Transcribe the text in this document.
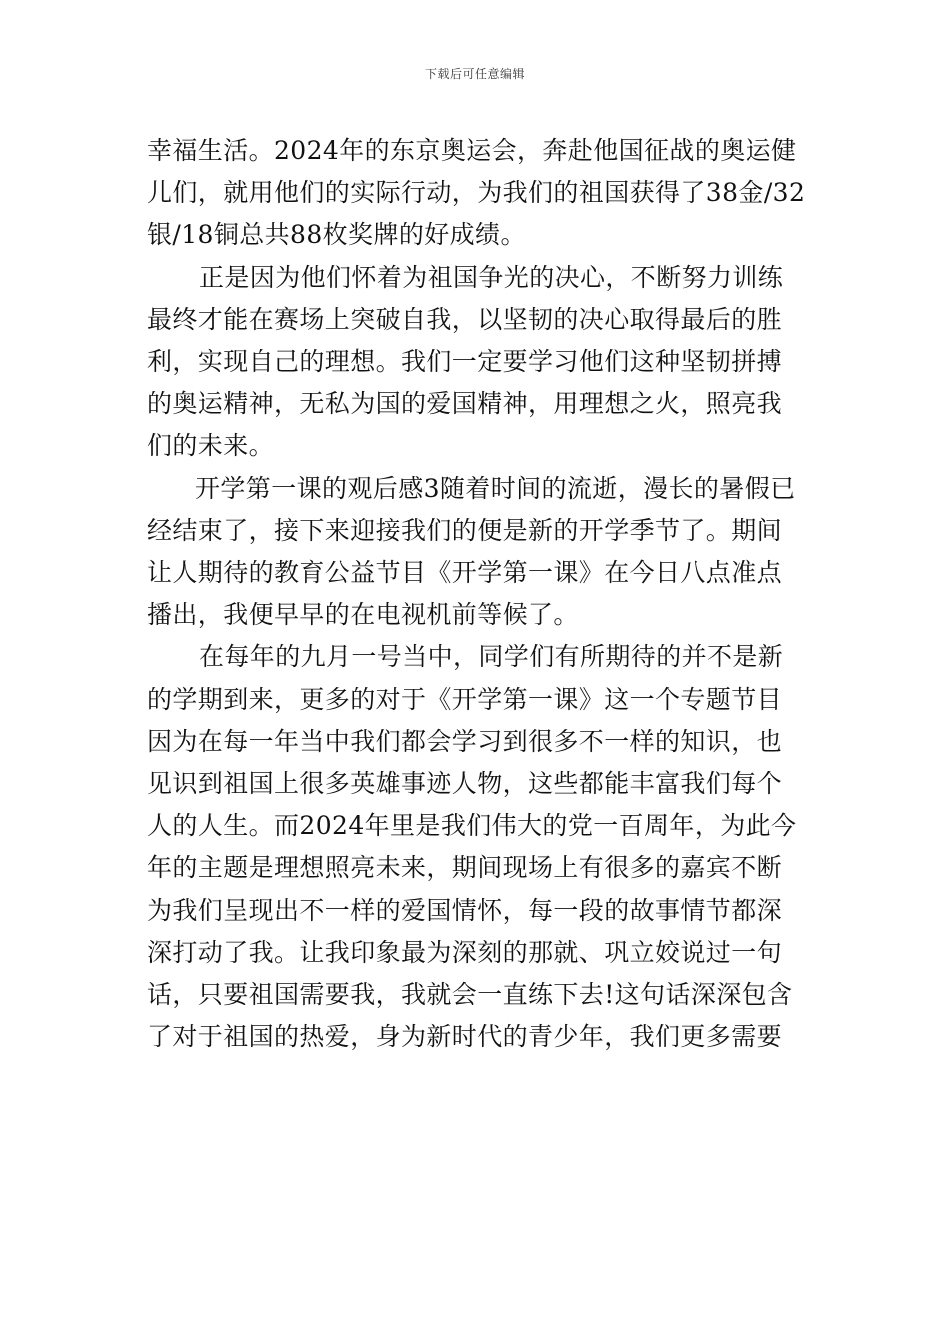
下载后可任意编辑

幸福生活。2024年的东京奥运会，奔赴他国征战的奥运健
儿们，就用他们的实际行动，为我们的祖国获得了38金/32
银/18铜总共88枚奖牌的好成绩。

正是因为他们怀着为祖国争光的决心，不断努力训练
最终才能在赛场上突破自我，以坚韧的决心取得最后的胜
利，实现自己的理想。我们一定要学习他们这种坚韧拼搏
的奥运精神，无私为国的爱国精神，用理想之火，照亮我
们的未来。

开学第一课的观后感3随着时间的流逝，漫长的暑假已
经结束了，接下来迎接我们的便是新的开学季节了。期间
让人期待的教育公益节目《开学第一课》在今日八点准点
播出，我便早早的在电视机前等候了。

在每年的九月一号当中，同学们有所期待的并不是新
的学期到来，更多的对于《开学第一课》这一个专题节目
因为在每一年当中我们都会学习到很多不一样的知识，也
见识到祖国上很多英雄事迹人物，这些都能丰富我们每个
人的人生。而2024年里是我们伟大的党一百周年，为此今
年的主题是理想照亮未来，期间现场上有很多的嘉宾不断
为我们呈现出不一样的爱国情怀，每一段的故事情节都深
深打动了我。让我印象最为深刻的那就、巩立姣说过一句
话，只要祖国需要我，我就会一直练下去!这句话深深包含
了对于祖国的热爱，身为新时代的青少年，我们更多需要
